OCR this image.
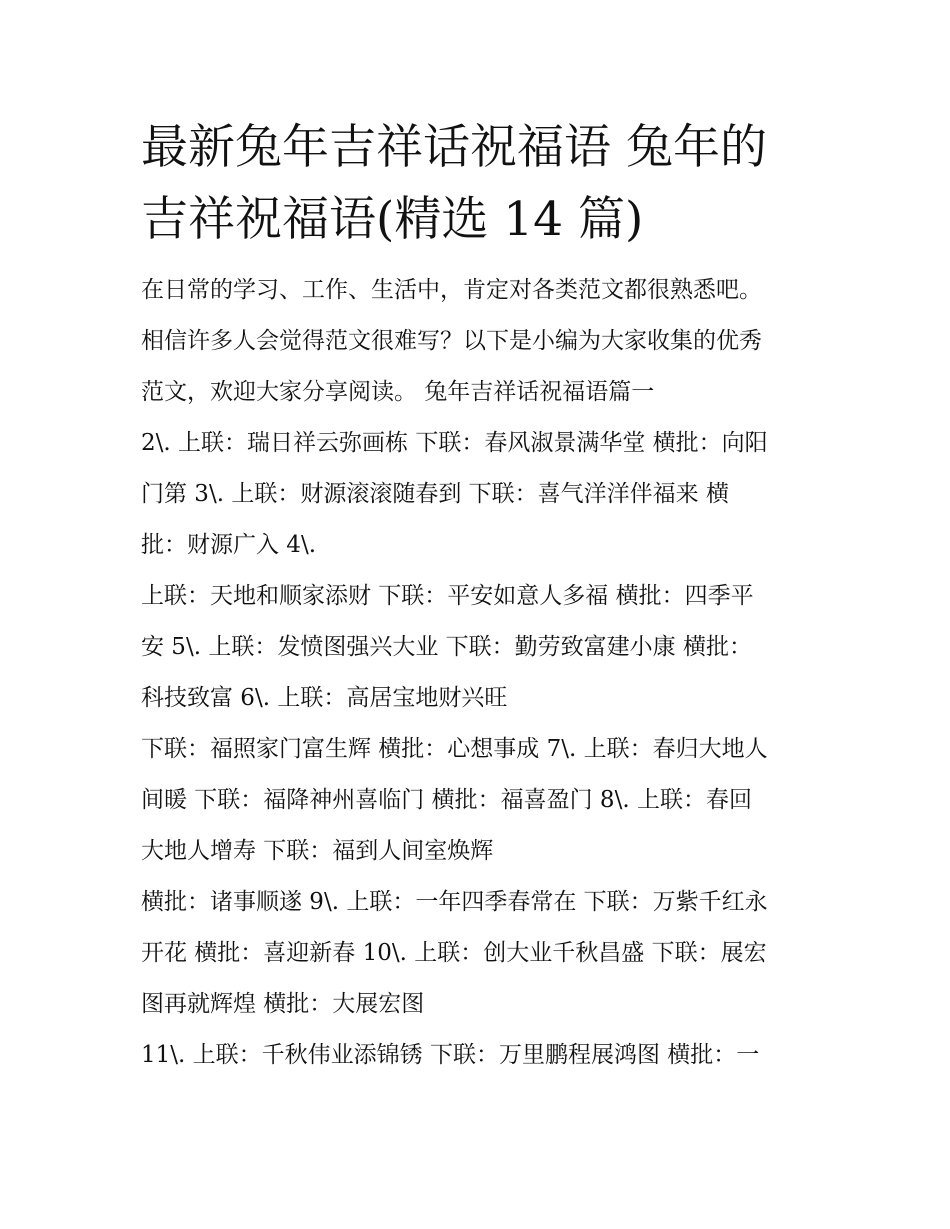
最新兔年吉祥话祝福语 兔年的
吉祥祝福语(精选 14 篇)
在日常的学习、工作、生活中，肯定对各类范文都很熟悉吧。
相信许多人会觉得范文很难写？以下是小编为大家收集的优秀
范文，欢迎大家分享阅读。 兔年吉祥话祝福语篇一
2\. 上联：瑞日祥云弥画栋 下联：春风淑景满华堂 横批：向阳
门第 3\. 上联：财源滚滚随春到 下联：喜气洋洋伴福来 横
批：财源广入 4\.
上联：天地和顺家添财 下联：平安如意人多福 横批：四季平
安 5\. 上联：发愤图强兴大业 下联：勤劳致富建小康 横批：
科技致富 6\. 上联：高居宝地财兴旺
下联：福照家门富生辉 横批：心想事成 7\. 上联：春归大地人
间暖 下联：福降神州喜临门 横批：福喜盈门 8\. 上联：春回
大地人增寿 下联：福到人间室焕辉
横批：诸事顺遂 9\. 上联：一年四季春常在 下联：万紫千红永
开花 横批：喜迎新春 10\. 上联：创大业千秋昌盛 下联：展宏
图再就辉煌 横批：大展宏图
11\. 上联：千秋伟业添锦锈 下联：万里鹏程展鸿图 横批：一
